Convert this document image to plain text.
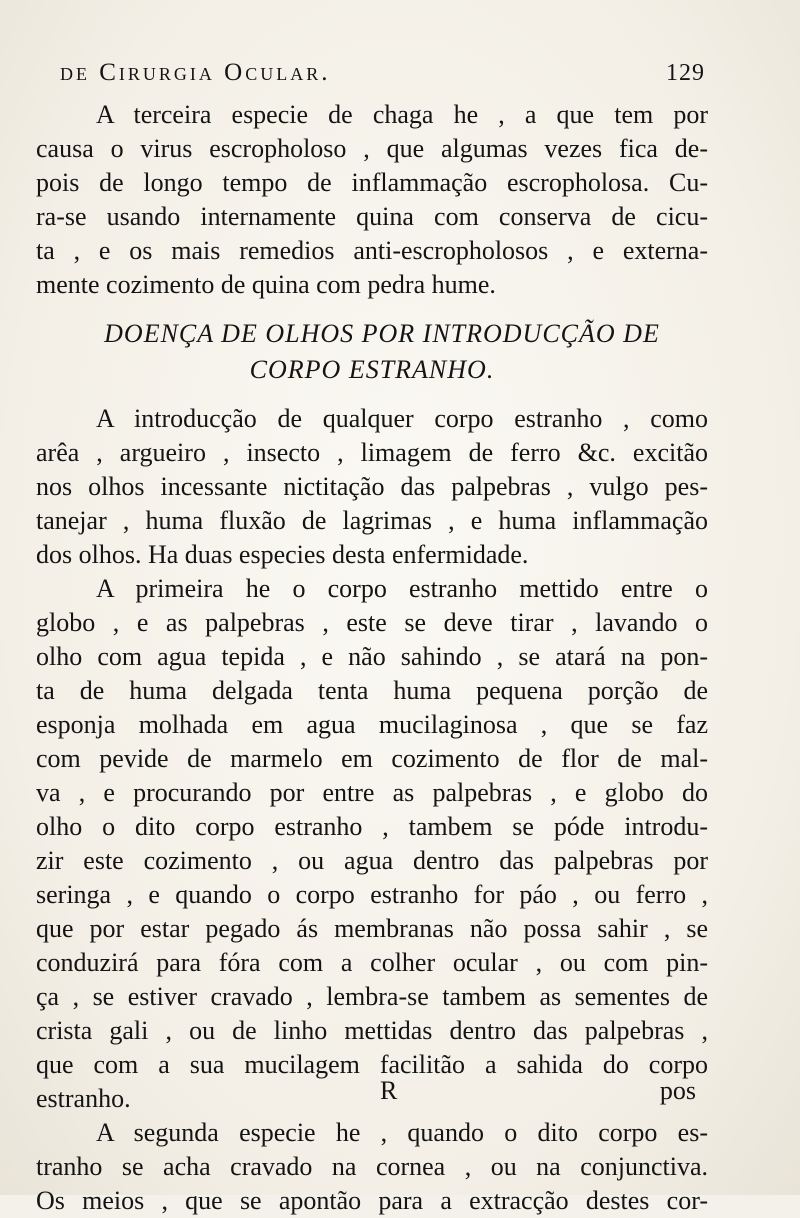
de Cirurgia Ocular.	129
A terceira especie de chaga he , a que tem por
causa o virus escropholoso , que algumas vezes fica de-
pois de longo tempo de inflammação escropholosa. Cu-
ra-se usando internamente quina com conserva de cicu-
ta , e os mais remedios anti-escropholosos , e externa-
mente cozimento de quina com pedra hume.
DOENÇA DE OLHOS POR INTRODUCÇÃO DE
CORPO ESTRANHO.
A introducção de qualquer corpo estranho , como
arêa , argueiro , insecto , limagem de ferro &c. excitão
nos olhos incessante nictitação das palpebras , vulgo pes-
tanejar , huma fluxão de lagrimas , e huma inflammação
dos olhos. Ha duas especies desta enfermidade.
A primeira he o corpo estranho mettido entre o
globo , e as palpebras , este se deve tirar , lavando o
olho com agua tepida , e não sahindo , se atará na pon-
ta de huma delgada tenta huma pequena porção de
esponja molhada em agua mucilaginosa , que se faz
com pevide de marmelo em cozimento de flor de mal-
va , e procurando por entre as palpebras , e globo do
olho o dito corpo estranho , tambem se póde introdu-
zir este cozimento , ou agua dentro das palpebras por
seringa , e quando o corpo estranho for páo , ou ferro ,
que por estar pegado ás membranas não possa sahir , se
conduzirá para fóra com a colher ocular , ou com pin-
ça , se estiver cravado , lembra-se tambem as sementes de
crista gali , ou de linho mettidas dentro das palpebras ,
que com a sua mucilagem facilitão a sahida do corpo
estranho.
A segunda especie he , quando o dito corpo es-
tranho se acha cravado na cornea , ou na conjunctiva.
Os meios , que se apontão para a extracção destes cor-
R	pos
